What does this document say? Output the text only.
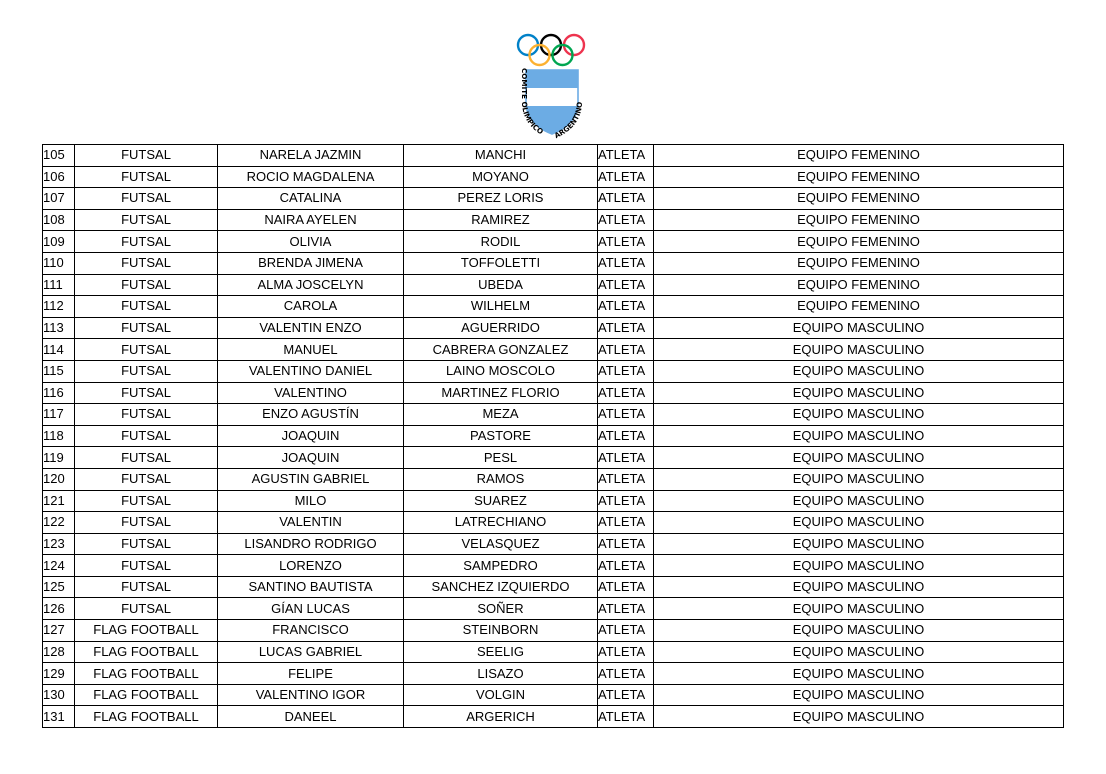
COMITE OLIMPICO ARGENTINO
105	FUTSAL	NARELA JAZMIN	MANCHI	ATLETA	EQUIPO FEMENINO
106	FUTSAL	ROCIO MAGDALENA	MOYANO	ATLETA	EQUIPO FEMENINO
107	FUTSAL	CATALINA	PEREZ LORIS	ATLETA	EQUIPO FEMENINO
108	FUTSAL	NAIRA AYELEN	RAMIREZ	ATLETA	EQUIPO FEMENINO
109	FUTSAL	OLIVIA	RODIL	ATLETA	EQUIPO FEMENINO
110	FUTSAL	BRENDA JIMENA	TOFFOLETTI	ATLETA	EQUIPO FEMENINO
111	FUTSAL	ALMA JOSCELYN	UBEDA	ATLETA	EQUIPO FEMENINO
112	FUTSAL	CAROLA	WILHELM	ATLETA	EQUIPO FEMENINO
113	FUTSAL	VALENTIN ENZO	AGUERRIDO	ATLETA	EQUIPO MASCULINO
114	FUTSAL	MANUEL	CABRERA GONZALEZ	ATLETA	EQUIPO MASCULINO
115	FUTSAL	VALENTINO DANIEL	LAINO MOSCOLO	ATLETA	EQUIPO MASCULINO
116	FUTSAL	VALENTINO	MARTINEZ FLORIO	ATLETA	EQUIPO MASCULINO
117	FUTSAL	ENZO AGUSTÍN	MEZA	ATLETA	EQUIPO MASCULINO
118	FUTSAL	JOAQUIN	PASTORE	ATLETA	EQUIPO MASCULINO
119	FUTSAL	JOAQUIN	PESL	ATLETA	EQUIPO MASCULINO
120	FUTSAL	AGUSTIN GABRIEL	RAMOS	ATLETA	EQUIPO MASCULINO
121	FUTSAL	MILO	SUAREZ	ATLETA	EQUIPO MASCULINO
122	FUTSAL	VALENTIN	LATRECHIANO	ATLETA	EQUIPO MASCULINO
123	FUTSAL	LISANDRO RODRIGO	VELASQUEZ	ATLETA	EQUIPO MASCULINO
124	FUTSAL	LORENZO	SAMPEDRO	ATLETA	EQUIPO MASCULINO
125	FUTSAL	SANTINO BAUTISTA	SANCHEZ IZQUIERDO	ATLETA	EQUIPO MASCULINO
126	FUTSAL	GÍAN LUCAS	SOÑER	ATLETA	EQUIPO MASCULINO
127	FLAG FOOTBALL	FRANCISCO	STEINBORN	ATLETA	EQUIPO MASCULINO
128	FLAG FOOTBALL	LUCAS GABRIEL	SEELIG	ATLETA	EQUIPO MASCULINO
129	FLAG FOOTBALL	FELIPE	LISAZO	ATLETA	EQUIPO MASCULINO
130	FLAG FOOTBALL	VALENTINO IGOR	VOLGIN	ATLETA	EQUIPO MASCULINO
131	FLAG FOOTBALL	DANEEL	ARGERICH	ATLETA	EQUIPO MASCULINO
